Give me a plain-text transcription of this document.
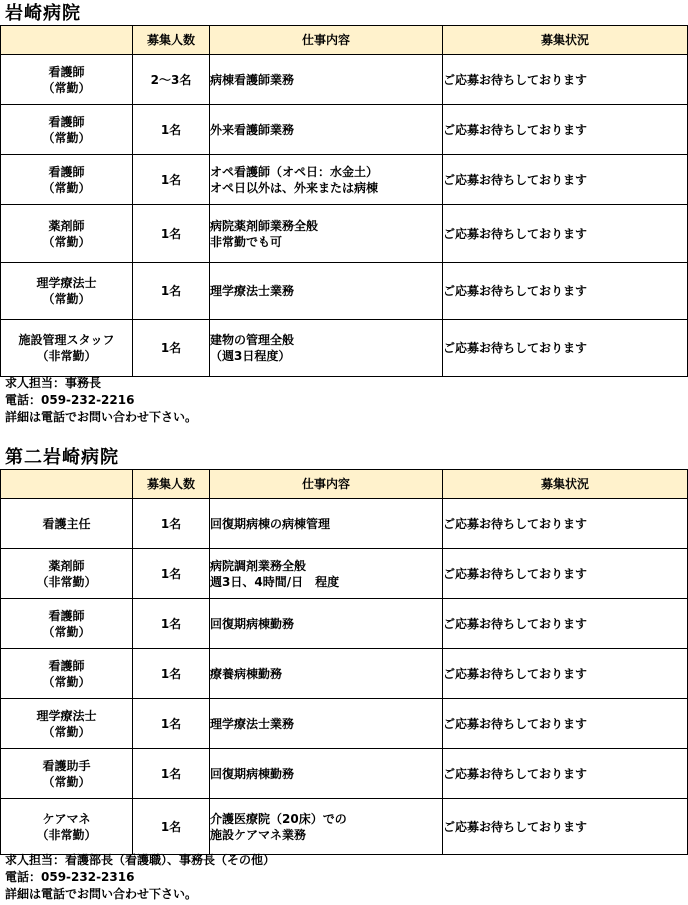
岩崎病院
	募集人数	仕事内容	募集状況

看護師
（常勤）	2～3名	病棟看護師業務	ご応募お待ちしております

看護師
（常勤）	1名	外来看護師業務	ご応募お待ちしております

看護師
（常勤）	1名	オペ看護師（オペ日：水金土）
オペ日以外は、外来または病棟	ご応募お待ちしております

薬剤師
（常勤）	1名	病院薬剤師業務全般
非常勤でも可	ご応募お待ちしております

理学療法士
（常勤）	1名	理学療法士業務	ご応募お待ちしております

施設管理スタッフ
（非常勤）	1名	建物の管理全般
（週3日程度）	ご応募お待ちしております
求人担当：事務長
電話：059-232-2216
詳細は電話でお問い合わせ下さい。
第二岩崎病院
	募集人数	仕事内容	募集状況

看護主任	1名	回復期病棟の病棟管理	ご応募お待ちしております

薬剤師
（非常勤）	1名	病院調剤業務全般
週3日、4時間/日　程度	ご応募お待ちしております

看護師
（常勤）	1名	回復期病棟勤務	ご応募お待ちしております

看護師
（常勤）	1名	療養病棟勤務	ご応募お待ちしております

理学療法士
（常勤）	1名	理学療法士業務	ご応募お待ちしております

看護助手
（常勤）	1名	回復期病棟勤務	ご応募お待ちしております

ケアマネ
（非常勤）	1名	介護医療院（20床）での
施設ケアマネ業務	ご応募お待ちしております
求人担当：看護部長（看護職）、事務長（その他）
電話：059-232-2316
詳細は電話でお問い合わせ下さい。
